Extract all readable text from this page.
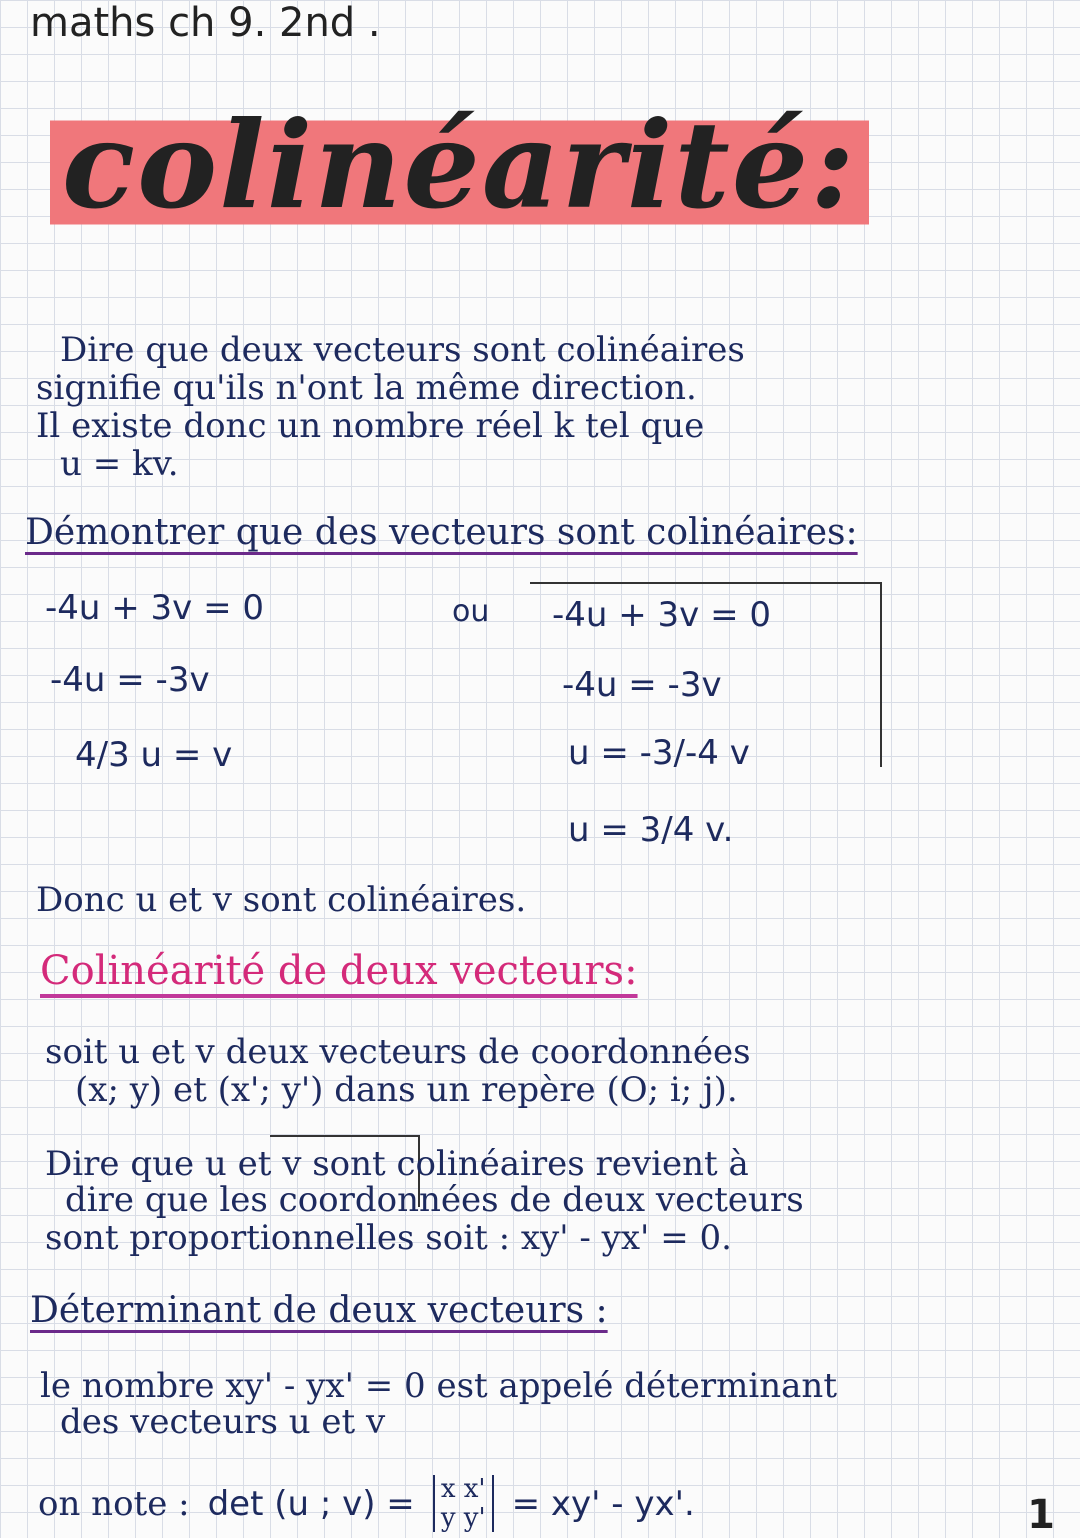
maths ch 9. 2nd .
colinéarité:
Dire que deux vecteurs sont colinéaires
signifie qu'ils n'ont la même direction.
Il existe donc un nombre réel k tel que
u = kv.
Démontrer que des vecteurs sont colinéaires:
-4u + 3v = 0
-4u = -3v
4/3 u = v
ou -4u + 3v = 0
-4u = -3v
u = -3/-4 v
u = 3/4 v.
Donc u et v sont colinéaires.
Colinéarité de deux vecteurs:
soit u et v deux vecteurs de coordonnées
(x; y) et (x'; y') dans un repère (O; i; j).
Dire que u et v sont colinéaires revient à
dire que les coordonnées de deux vecteurs
sont proportionnelles soit : xy' - yx' = 0.
Déterminant de deux vecteurs :
le nombre xy' - yx' = 0 est appelé déterminant
des vecteurs u et v
on note : det (u ; v) = x x'
y y' = xy' - yx'.	1
